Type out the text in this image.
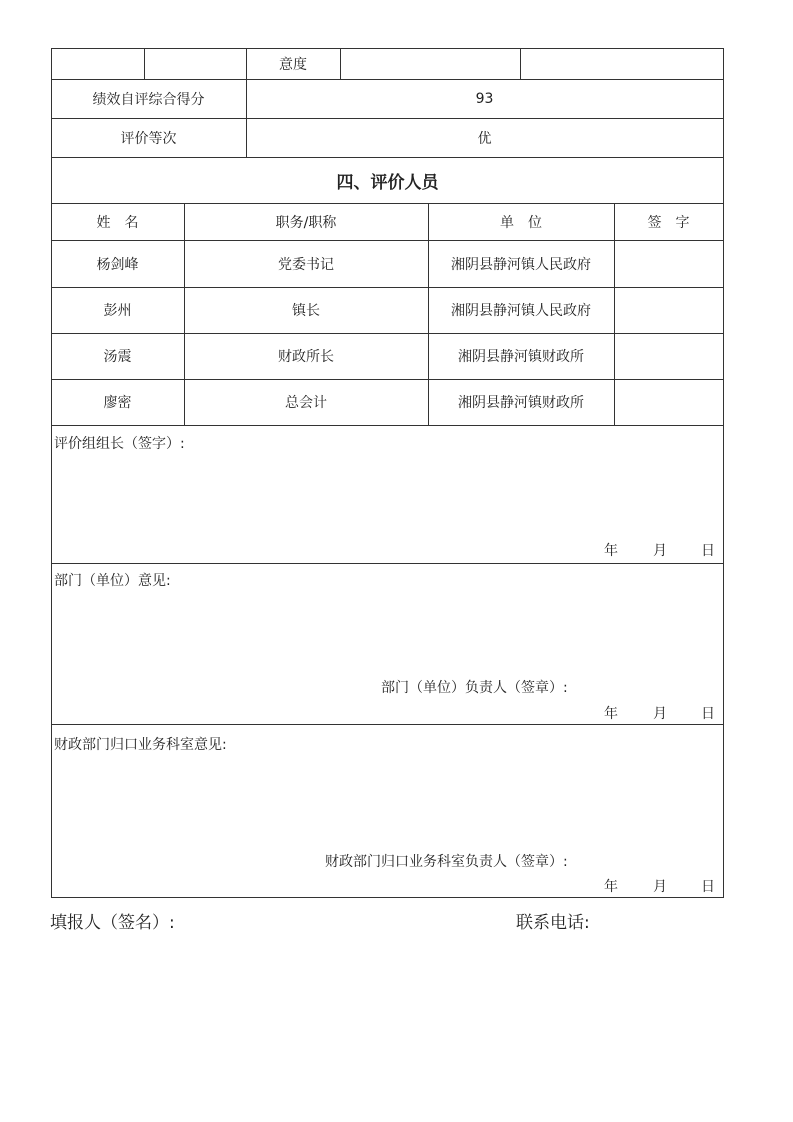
意度
绩效自评综合得分	93
评价等次	优
四、评价人员
姓　名	职务/职称	单　位	签　字
杨剑峰	党委书记	湘阴县静河镇人民政府
彭州	镇长	湘阴县静河镇人民政府
汤震	财政所长	湘阴县静河镇财政所
廖密	总会计	湘阴县静河镇财政所
评价组组长（签字）:
年	月 日
部门（单位）意见:
部门（单位）负责人（签章）:
年	月 日
财政部门归口业务科室意见:
财政部门归口业务科室负责人（签章）:
年	月 日
填报人（签名）:	联系电话:
